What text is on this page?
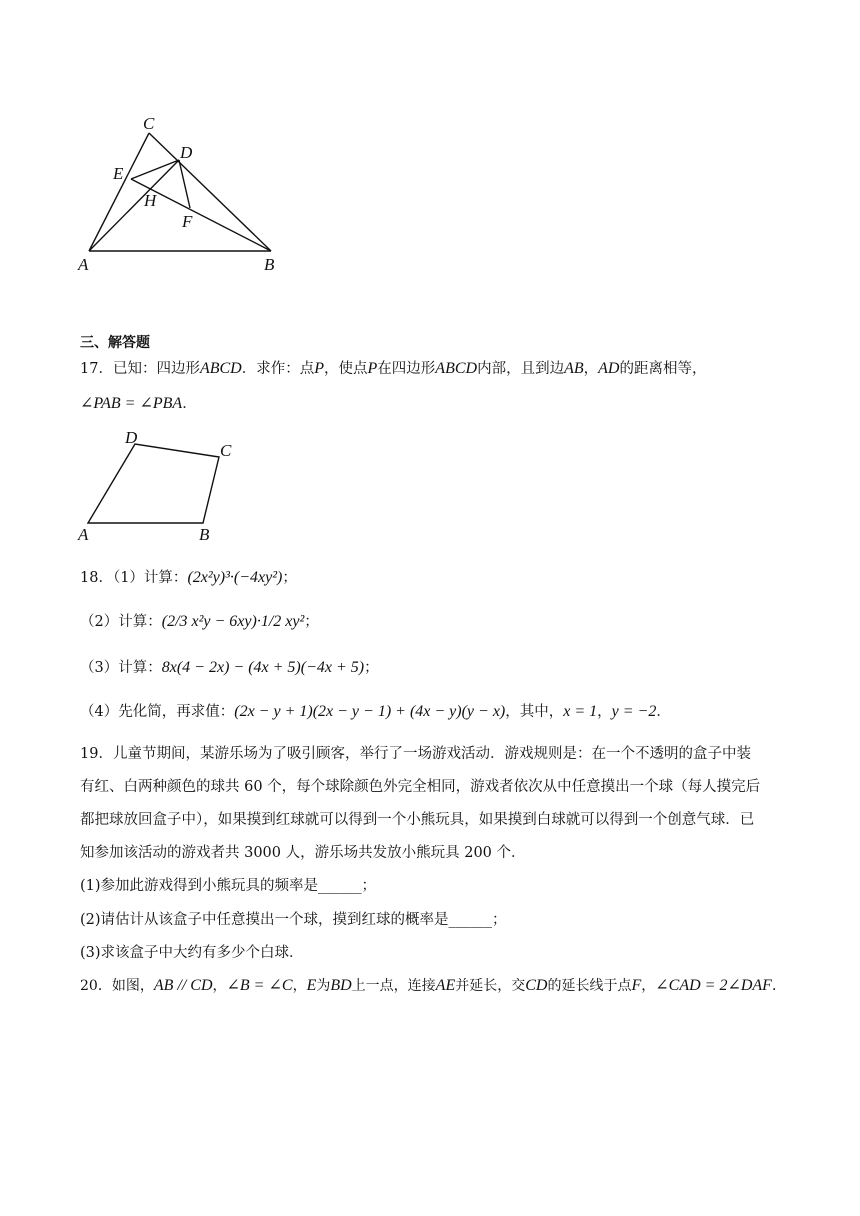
C
D
E
H
F
A	B
三、解答题
17．已知：四边形ABCD．求作：点P，使点P在四边形ABCD内部，且到边AB，AD的距离相等，
∠PAB = ∠PBA．
D
C
A	B
18．（1）计算：(2x²y)³·(−4xy²)；
（2）计算：(2/3 x²y − 6xy)·1/2 xy²；
（3）计算：8x(4 − 2x) − (4x + 5)(−4x + 5)；
（4）先化简，再求值：(2x − y + 1)(2x − y − 1) + (4x − y)(y − x)，其中，x = 1，y = −2．
19．儿童节期间，某游乐场为了吸引顾客，举行了一场游戏活动．游戏规则是：在一个不透明的盒子中装
有红、白两种颜色的球共 60 个，每个球除颜色外完全相同，游戏者依次从中任意摸出一个球（每人摸完后
都把球放回盒子中），如果摸到红球就可以得到一个小熊玩具，如果摸到白球就可以得到一个创意气球．已
知参加该活动的游戏者共 3000 人，游乐场共发放小熊玩具 200 个．
(1)参加此游戏得到小熊玩具的频率是______；
(2)请估计从该盒子中任意摸出一个球，摸到红球的概率是______；
(3)求该盒子中大约有多少个白球．
20．如图，AB // CD，∠B = ∠C，E为BD上一点，连接AE并延长，交CD的延长线于点F，∠CAD = 2∠DAF．
